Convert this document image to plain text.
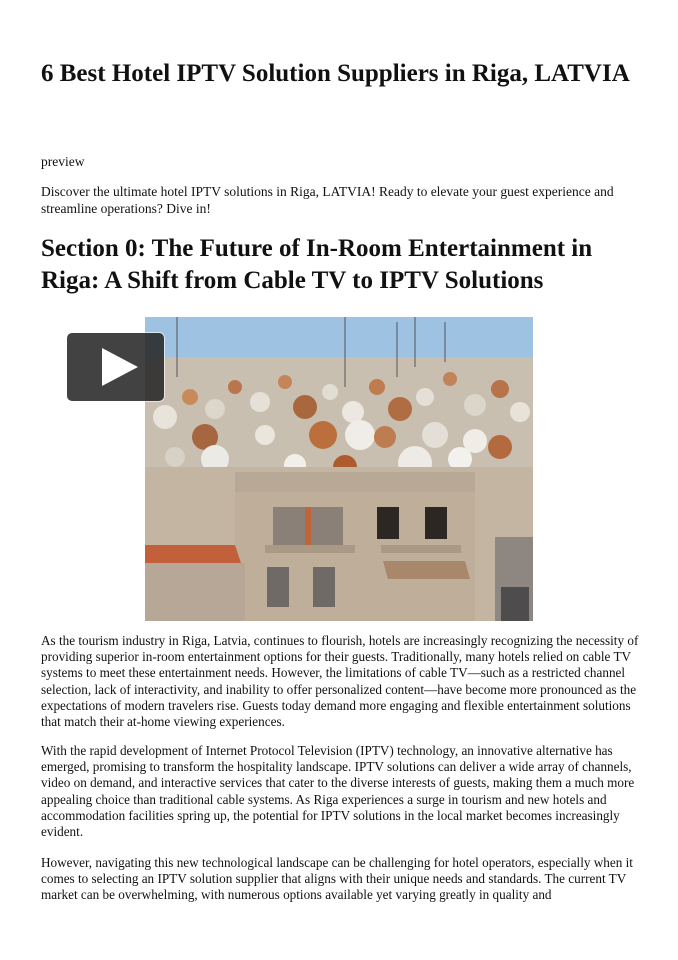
6 Best Hotel IPTV Solution Suppliers in Riga, LATVIA
preview

Discover the ultimate hotel IPTV solutions in Riga, LATVIA! Ready to elevate your guest experience and streamline operations? Dive in!

Section 0: The Future of In-Room Entertainment in Riga: A Shift from Cable TV to IPTV Solutions

As the tourism industry in Riga, Latvia, continues to flourish, hotels are increasingly recognizing the necessity of providing superior in-room entertainment options for their guests. Traditionally, many hotels relied on cable TV systems to meet these entertainment needs. However, the limitations of cable TV—such as a restricted channel selection, lack of interactivity, and inability to offer personalized content—have become more pronounced as the expectations of modern travelers rise. Guests today demand more engaging and flexible entertainment solutions that match their at-home viewing experiences.

With the rapid development of Internet Protocol Television (IPTV) technology, an innovative alternative has emerged, promising to transform the hospitality landscape. IPTV solutions can deliver a wide array of channels, video on demand, and interactive services that cater to the diverse interests of guests, making them a much more appealing choice than traditional cable systems. As Riga experiences a surge in tourism and new hotels and accommodation facilities spring up, the potential for IPTV solutions in the local market becomes increasingly evident.

However, navigating this new technological landscape can be challenging for hotel operators, especially when it comes to selecting an IPTV solution supplier that aligns with their unique needs and standards. The current TV market can be overwhelming, with numerous options available yet varying greatly in quality and
